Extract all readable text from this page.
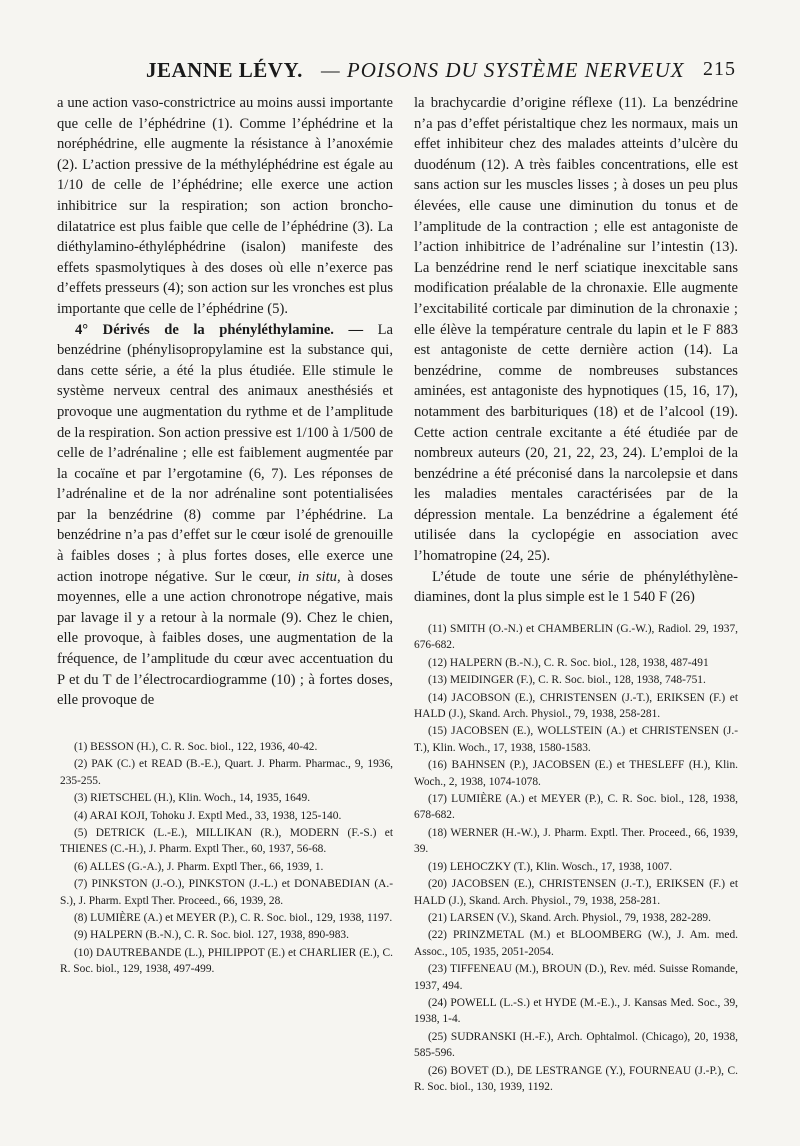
JEANNE LÉVY. — POISONS DU SYSTÈME NERVEUX 215

a une action vaso-constrictrice au moins aussi importante que celle de l’éphédrine (1). Comme l’éphédrine et la noréphédrine, elle augmente la résistance à l’anoxémie (2). L’action pressive de la méthyléphédrine est égale au 1/10 de celle de l’éphédrine; elle exerce une action inhibitrice sur la respiration; son action broncho-dilatatrice est plus faible que celle de l’éphédrine (3). La diéthylamino-éthyléphédrine (isalon) manifeste des effets spasmolytiques à des doses où elle n’exerce pas d’effets presseurs (4); son action sur les vronches est plus importante que celle de l’éphédrine (5).

4° Dérivés de la phényléthylamine. — La benzédrine (phénylisopropylamine est la substance qui, dans cette série, a été la plus étudiée. Elle stimule le système nerveux central des animaux anesthésiés et provoque une augmentation du rythme et de l’amplitude de la respiration. Son action pressive est 1/100 à 1/500 de celle de l’adrénaline ; elle est faiblement augmentée par la cocaïne et par l’ergotamine (6, 7). Les réponses de l’adrénaline et de la nor adrénaline sont potentialisées par la benzédrine (8) comme par l’éphédrine. La benzédrine n’a pas d’effet sur le cœur isolé de grenouille à faibles doses ; à plus fortes doses, elle exerce une action inotrope négative. Sur le cœur, in situ, à doses moyennes, elle a une action chronotrope négative, mais par lavage il y a retour à la normale (9). Chez le chien, elle provoque, à faibles doses, une augmentation de la fréquence, de l’amplitude du cœur avec accentuation du P et du T de l’électrocardiogramme (10) ; à fortes doses, elle provoque de

la brachycardie d’origine réflexe (11). La benzédrine n’a pas d’effet péristaltique chez les normaux, mais un effet inhibiteur chez des malades atteints d’ulcère du duodénum (12). A très faibles concentrations, elle est sans action sur les muscles lisses ; à doses un peu plus élevées, elle cause une diminution du tonus et de l’amplitude de la contraction ; elle est antagoniste de l’action inhibitrice de l’adrénaline sur l’intestin (13). La benzédrine rend le nerf sciatique inexcitable sans modification préalable de la chronaxie. Elle augmente l’excitabilité corticale par diminution de la chronaxie ; elle élève la température centrale du lapin et le F 883 est antagoniste de cette dernière action (14). La benzédrine, comme de nombreuses substances aminées, est antagoniste des hypnotiques (15, 16, 17), notamment des barbituriques (18) et de l’alcool (19). Cette action centrale excitante a été étudiée par de nombreux auteurs (20, 21, 22, 23, 24). L’emploi de la benzédrine a été préconisé dans la narcolepsie et dans les maladies mentales caractérisées par de la dépression mentale. La benzédrine a également été utilisée dans la cyclopégie en association avec l’homatropine (24, 25).

L’étude de toute une série de phényléthylène-diamines, dont la plus simple est le 1 540 F (26)

(1) BESSON (H.), C. R. Soc. biol., 122, 1936, 40-42.

(2) PAK (C.) et READ (B.-E.), Quart. J. Pharm. Pharmac., 9, 1936, 235-255.

(3) RIETSCHEL (H.), Klin. Woch., 14, 1935, 1649.

(4) ARAI KOJI, Tohoku J. Exptl Med., 33, 1938, 125-140.

(5) DETRICK (L.-E.), MILLIKAN (R.), MODERN (F.-S.) et THIENES (C.-H.), J. Pharm. Exptl Ther., 60, 1937, 56-68.

(6) ALLES (G.-A.), J. Pharm. Exptl Ther., 66, 1939, 1.

(7) PINKSTON (J.-O.), PINKSTON (J.-L.) et DONABEDIAN (A.-S.), J. Pharm. Exptl Ther. Proceed., 66, 1939, 28.

(8) LUMIÈRE (A.) et MEYER (P.), C. R. Soc. biol., 129, 1938, 1197.

(9) HALPERN (B.-N.), C. R. Soc. biol. 127, 1938, 890-983.

(10) DAUTREBANDE (L.), PHILIPPOT (E.) et CHARLIER (E.), C. R. Soc. biol., 129, 1938, 497-499.

(11) SMITH (O.-N.) et CHAMBERLIN (G.-W.), Radiol. 29, 1937, 676-682.

(12) HALPERN (B.-N.), C. R. Soc. biol., 128, 1938, 487-491

(13) MEIDINGER (F.), C. R. Soc. biol., 128, 1938, 748-751.

(14) JACOBSON (E.), CHRISTENSEN (J.-T.), ERIKSEN (F.) et HALD (J.), Skand. Arch. Physiol., 79, 1938, 258-281.

(15) JACOBSEN (E.), WOLLSTEIN (A.) et CHRISTENSEN (J.-T.), Klin. Woch., 17, 1938, 1580-1583.

(16) BAHNSEN (P.), JACOBSEN (E.) et THESLEFF (H.), Klin. Woch., 2, 1938, 1074-1078.

(17) LUMIÈRE (A.) et MEYER (P.), C. R. Soc. biol., 128, 1938, 678-682.

(18) WERNER (H.-W.), J. Pharm. Exptl. Ther. Proceed., 66, 1939, 39.

(19) LEHOCZKY (T.), Klin. Wosch., 17, 1938, 1007.

(20) JACOBSEN (E.), CHRISTENSEN (J.-T.), ERIKSEN (F.) et HALD (J.), Skand. Arch. Physiol., 79, 1938, 258-281.

(21) LARSEN (V.), Skand. Arch. Physiol., 79, 1938, 282-289.

(22) PRINZMETAL (M.) et BLOOMBERG (W.), J. Am. med. Assoc., 105, 1935, 2051-2054.

(23) TIFFENEAU (M.), BROUN (D.), Rev. méd. Suisse Romande, 1937, 494.

(24) POWELL (L.-S.) et HYDE (M.-E.)., J. Kansas Med. Soc., 39, 1938, 1-4.

(25) SUDRANSKI (H.-F.), Arch. Ophtalmol. (Chicago), 20, 1938, 585-596.

(26) BOVET (D.), DE LESTRANGE (Y.), FOURNEAU (J.-P.), C. R. Soc. biol., 130, 1939, 1192.
